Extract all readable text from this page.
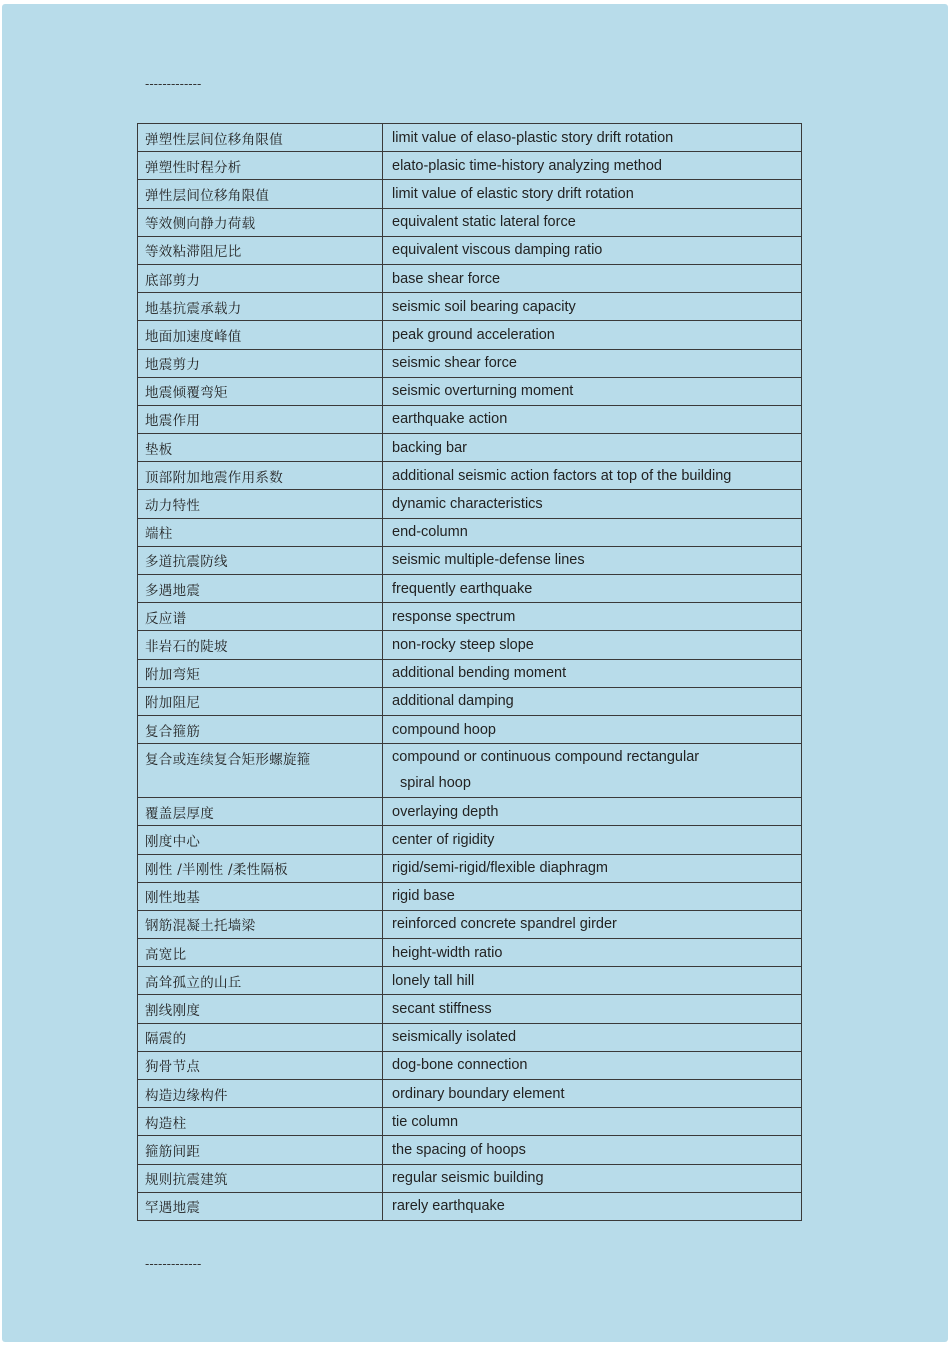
-------------
弹塑性层间位移角限值	limit value of elaso-plastic story drift rotation
弹塑性时程分析	elato-plasic time-history analyzing method
弹性层间位移角限值	limit value of elastic story drift rotation
等效侧向静力荷载	equivalent static lateral force
等效粘滞阻尼比	equivalent viscous damping ratio
底部剪力	base shear force
地基抗震承载力	seismic soil bearing capacity
地面加速度峰值	peak ground acceleration
地震剪力	seismic shear force
地震倾覆弯矩	seismic overturning moment
地震作用	earthquake action
垫板	backing bar
顶部附加地震作用系数	additional seismic action factors at top of the building
动力特性	dynamic characteristics
端柱	end-column
多道抗震防线	seismic multiple-defense lines
多遇地震	frequently earthquake
反应谱	response spectrum
非岩石的陡坡	non-rocky steep slope
附加弯矩	additional bending moment
附加阻尼	additional damping
复合箍筋	compound hoop
复合或连续复合矩形螺旋箍	compound or continuous compound rectangular
spiral hoop

覆盖层厚度	overlaying depth
刚度中心	center of rigidity
刚性 /半刚性 /柔性隔板	rigid/semi-rigid/flexible diaphragm
刚性地基	rigid base
钢筋混凝土托墙梁	reinforced concrete spandrel girder
高宽比	height-width ratio
高耸孤立的山丘	lonely tall hill
割线刚度	secant stiffness
隔震的	seismically isolated
狗骨节点	dog-bone connection
构造边缘构件	ordinary boundary element
构造柱	tie column
箍筋间距	the spacing of hoops
规则抗震建筑	regular seismic building
罕遇地震	rarely earthquake
-------------
